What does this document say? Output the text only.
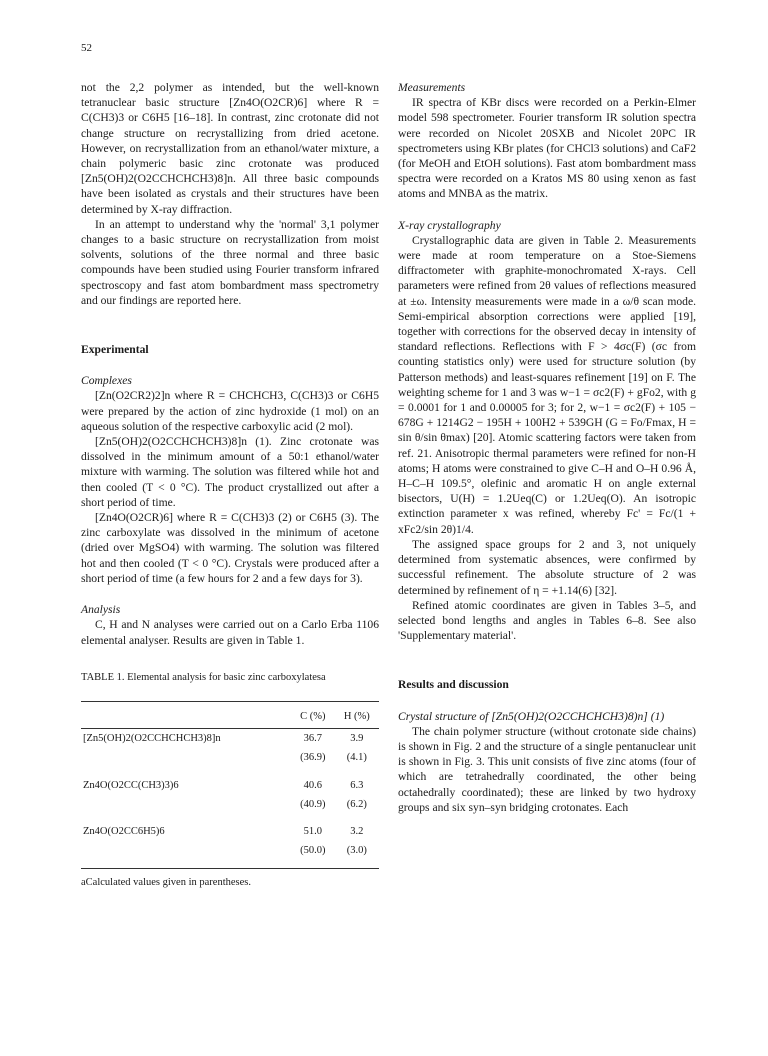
52

not the 2,2 polymer as intended, but the well-known tetranuclear basic structure [Zn4O(O2CR)6] where R = C(CH3)3 or C6H5 [16–18]. In contrast, zinc crotonate did not change structure on recrystallizing from dried acetone. However, on recrystallization from an ethanol/water mixture, a chain polymeric basic zinc crotonate was produced [Zn5(OH)2(O2CCHCHCH3)8]n. All three basic compounds have been isolated as crystals and their structures have been determined by X-ray diffraction.

In an attempt to understand why the 'normal' 3,1 polymer changes to a basic structure on recrystallization from moist solvents, solutions of the three normal and three basic compounds have been studied using Fourier transform infrared spectroscopy and fast atom bombardment mass spectrometry and our findings are reported here.

Experimental

Complexes

[Zn(O2CR2)2]n where R = CHCHCH3, C(CH3)3 or C6H5 were prepared by the action of zinc hydroxide (1 mol) on an aqueous solution of the respective carboxylic acid (2 mol).

[Zn5(OH)2(O2CCHCHCH3)8]n (1). Zinc crotonate was dissolved in the minimum amount of a 50:1 ethanol/water mixture with warming. The solution was filtered while hot and then cooled (T < 0 °C). The product crystallized out after a short period of time.

[Zn4O(O2CR)6] where R = C(CH3)3 (2) or C6H5 (3). The zinc carboxylate was dissolved in the minimum of acetone (dried over MgSO4) with warming. The solution was filtered hot and then cooled (T < 0 °C). Crystals were produced after a short period of time (a few hours for 2 and a few days for 3).

Analysis

C, H and N analyses were carried out on a Carlo Erba 1106 elemental analyser. Results are given in Table 1.

TABLE 1. Elemental analysis for basic zinc carboxylatesa
	C (%)	H (%)
[Zn5(OH)2(O2CCHCHCH3)8]n	36.7	3.9
	(36.9)	(4.1)
Zn4O(O2CC(CH3)3)6	40.6	6.3
	(40.9)	(6.2)
Zn4O(O2CC6H5)6	51.0	3.2
	(50.0)	(3.0)
aCalculated values given in parentheses.

Measurements

IR spectra of KBr discs were recorded on a Perkin-Elmer model 598 spectrometer. Fourier transform IR solution spectra were recorded on Nicolet 20SXB and Nicolet 20PC IR spectrometers using KBr plates (for CHCl3 solutions) and CaF2 (for MeOH and EtOH solutions). Fast atom bombardment mass spectra were recorded on a Kratos MS 80 using xenon as fast atoms and MNBA as the matrix.

X-ray crystallography

Crystallographic data are given in Table 2. Measurements were made at room temperature on a Stoe-Siemens diffractometer with graphite-monochromated X-rays. Cell parameters were refined from 2θ values of reflections measured at ±ω. Intensity measurements were made in a ω/θ scan mode. Semi-empirical absorption corrections were applied [19], together with corrections for the observed decay in intensity of standard reflections. Reflections with F > 4σc(F) (σc from counting statistics only) were used for structure solution (by Patterson methods) and least-squares refinement [19] on F. The weighting scheme for 1 and 3 was w−1 = σc2(F) + gFo2, with g = 0.0001 for 1 and 0.00005 for 3; for 2, w−1 = σc2(F) + 105 − 678G + 1214G2 − 195H + 100H2 + 539GH (G = Fo/Fmax, H = sin θ/sin θmax) [20]. Atomic scattering factors were taken from ref. 21. Anisotropic thermal parameters were refined for non-H atoms; H atoms were constrained to give C–H and O–H 0.96 Å, H–C–H 109.5°, olefinic and aromatic H on angle external bisectors, U(H) = 1.2Ueq(C) or 1.2Ueq(O). An isotropic extinction parameter x was refined, whereby Fc' = Fc/(1 + xFc2/sin 2θ)1/4.

The assigned space groups for 2 and 3, not uniquely determined from systematic absences, were confirmed by successful refinement. The absolute structure of 2 was determined by refinement of η = +1.14(6) [32].

Refined atomic coordinates are given in Tables 3–5, and selected bond lengths and angles in Tables 6–8. See also 'Supplementary material'.

Results and discussion

Crystal structure of [Zn5(OH)2(O2CCHCHCH3)8)n] (1)

The chain polymer structure (without crotonate side chains) is shown in Fig. 2 and the structure of a single pentanuclear unit is shown in Fig. 3. This unit consists of five zinc atoms (four of which are tetrahedrally coordinated, the other being octahedrally coordinated); these are linked by two hydroxy groups and six syn–syn bridging crotonates. Each
